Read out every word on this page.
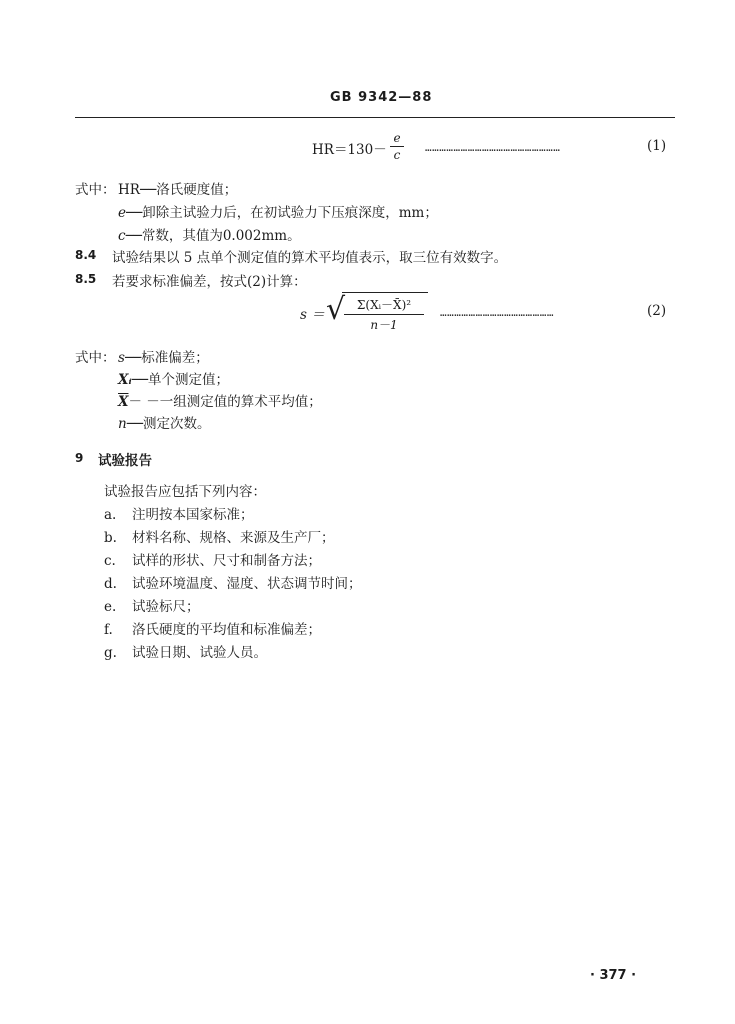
GB 9342—88
HR＝130－
e
c
…………………………………………………	(1)
式中： HR──洛氏硬度值；
e──卸除主试验力后，在初试验力下压痕深度，mm；
c──常数，其值为0.002mm。
8.4 试验结果以 5 点单个测定值的算术平均值表示，取三位有效数字。
8.5 若要求标准偏差，按式(2)计算：
s ＝ √ Σ(Xᵢ－X̄)²
n－1
…………………………………………	(2)
式中： s──标准偏差；
Xᵢ──单个测定值；
$\overline{X}-$ －一组测定值的算术平均值；
n──测定次数。
9 试验报告
试验报告应包括下列内容：
a. 注明按本国家标准；
b. 材料名称、规格、来源及生产厂；
c. 试样的形状、尺寸和制备方法；
d. 试验环境温度、湿度、状态调节时间；
e. 试验标尺；
f. 洛氏硬度的平均值和标准偏差；
g. 试验日期、试验人员。
· 377 ·
